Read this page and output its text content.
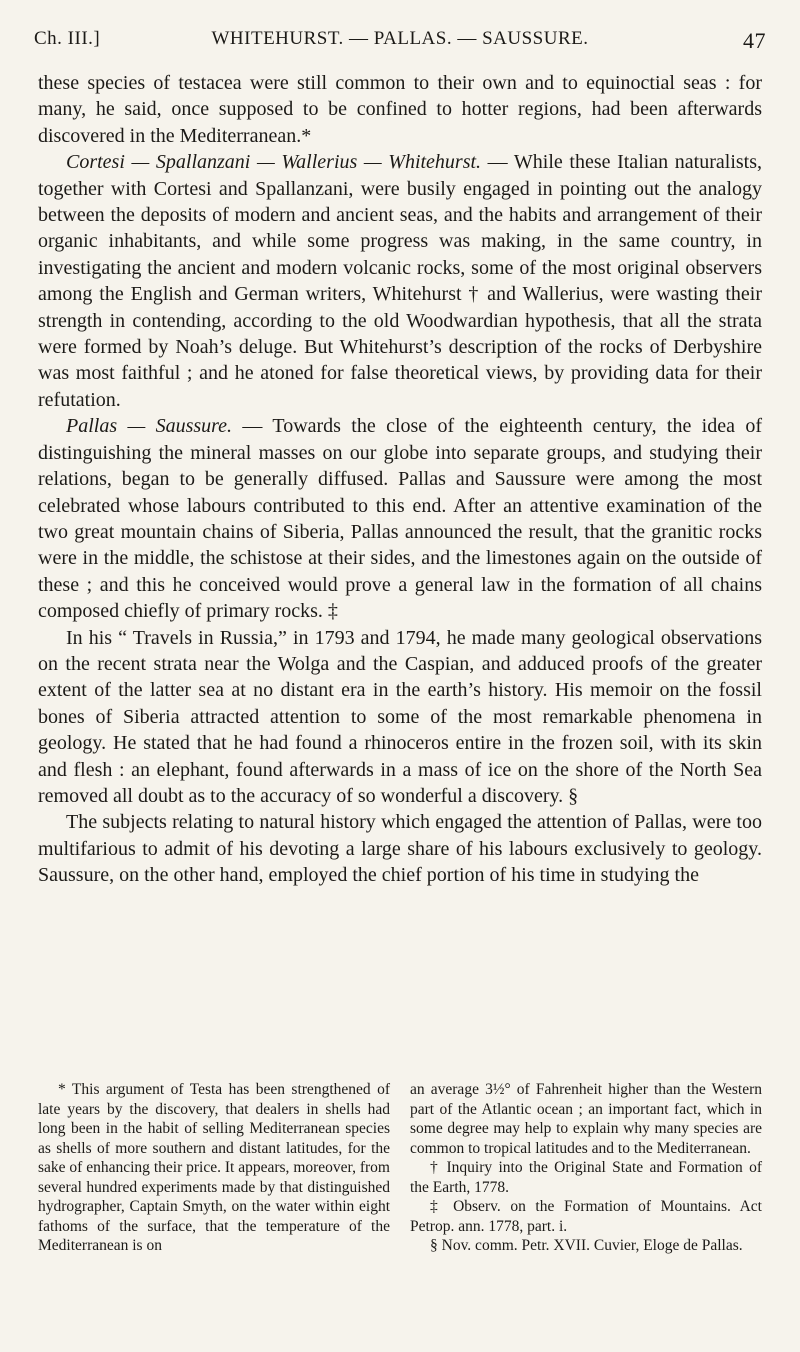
Ch. III.]	WHITEHURST. — PALLAS. — SAUSSURE.	47

these species of testacea were still common to their own and to equinoctial seas : for many, he said, once supposed to be confined to hotter regions, had been afterwards discovered in the Mediterranean.*

Cortesi — Spallanzani — Wallerius — Whitehurst. — While these Italian naturalists, together with Cortesi and Spallanzani, were busily engaged in pointing out the analogy between the deposits of modern and ancient seas, and the habits and arrangement of their organic inhabitants, and while some progress was making, in the same country, in investigating the ancient and modern volcanic rocks, some of the most original observers among the English and German writers, Whitehurst † and Wallerius, were wasting their strength in contending, according to the old Woodwardian hypothesis, that all the strata were formed by Noah’s deluge. But Whitehurst’s description of the rocks of Derbyshire was most faithful ; and he atoned for false theoretical views, by providing data for their refutation.

Pallas — Saussure. — Towards the close of the eighteenth century, the idea of distinguishing the mineral masses on our globe into separate groups, and studying their relations, began to be generally diffused. Pallas and Saussure were among the most celebrated whose labours contributed to this end. After an attentive examination of the two great mountain chains of Siberia, Pallas announced the result, that the granitic rocks were in the middle, the schistose at their sides, and the limestones again on the outside of these ; and this he conceived would prove a general law in the formation of all chains composed chiefly of primary rocks. ‡

In his “ Travels in Russia,” in 1793 and 1794, he made many geological observations on the recent strata near the Wolga and the Caspian, and adduced proofs of the greater extent of the latter sea at no distant era in the earth’s history. His memoir on the fossil bones of Siberia attracted attention to some of the most remarkable phenomena in geology. He stated that he had found a rhinoceros entire in the frozen soil, with its skin and flesh : an elephant, found afterwards in a mass of ice on the shore of the North Sea removed all doubt as to the accuracy of so wonderful a discovery. §

The subjects relating to natural history which engaged the attention of Pallas, were too multifarious to admit of his devoting a large share of his labours exclusively to geology. Saussure, on the other hand, employed the chief portion of his time in studying the

* This argument of Testa has been strengthened of late years by the discovery, that dealers in shells had long been in the habit of selling Mediterranean species as shells of more southern and distant latitudes, for the sake of enhancing their price. It appears, moreover, from several hundred experiments made by that distinguished hydrographer, Captain Smyth, on the water within eight fathoms of the surface, that the temperature of the Mediterranean is on

an average 3½° of Fahrenheit higher than the Western part of the Atlantic ocean ; an important fact, which in some degree may help to explain why many species are common to tropical latitudes and to the Mediterranean.

† Inquiry into the Original State and Formation of the Earth, 1778.

‡ Observ. on the Formation of Mountains. Act Petrop. ann. 1778, part. i.

§ Nov. comm. Petr. XVII. Cuvier, Eloge de Pallas.
